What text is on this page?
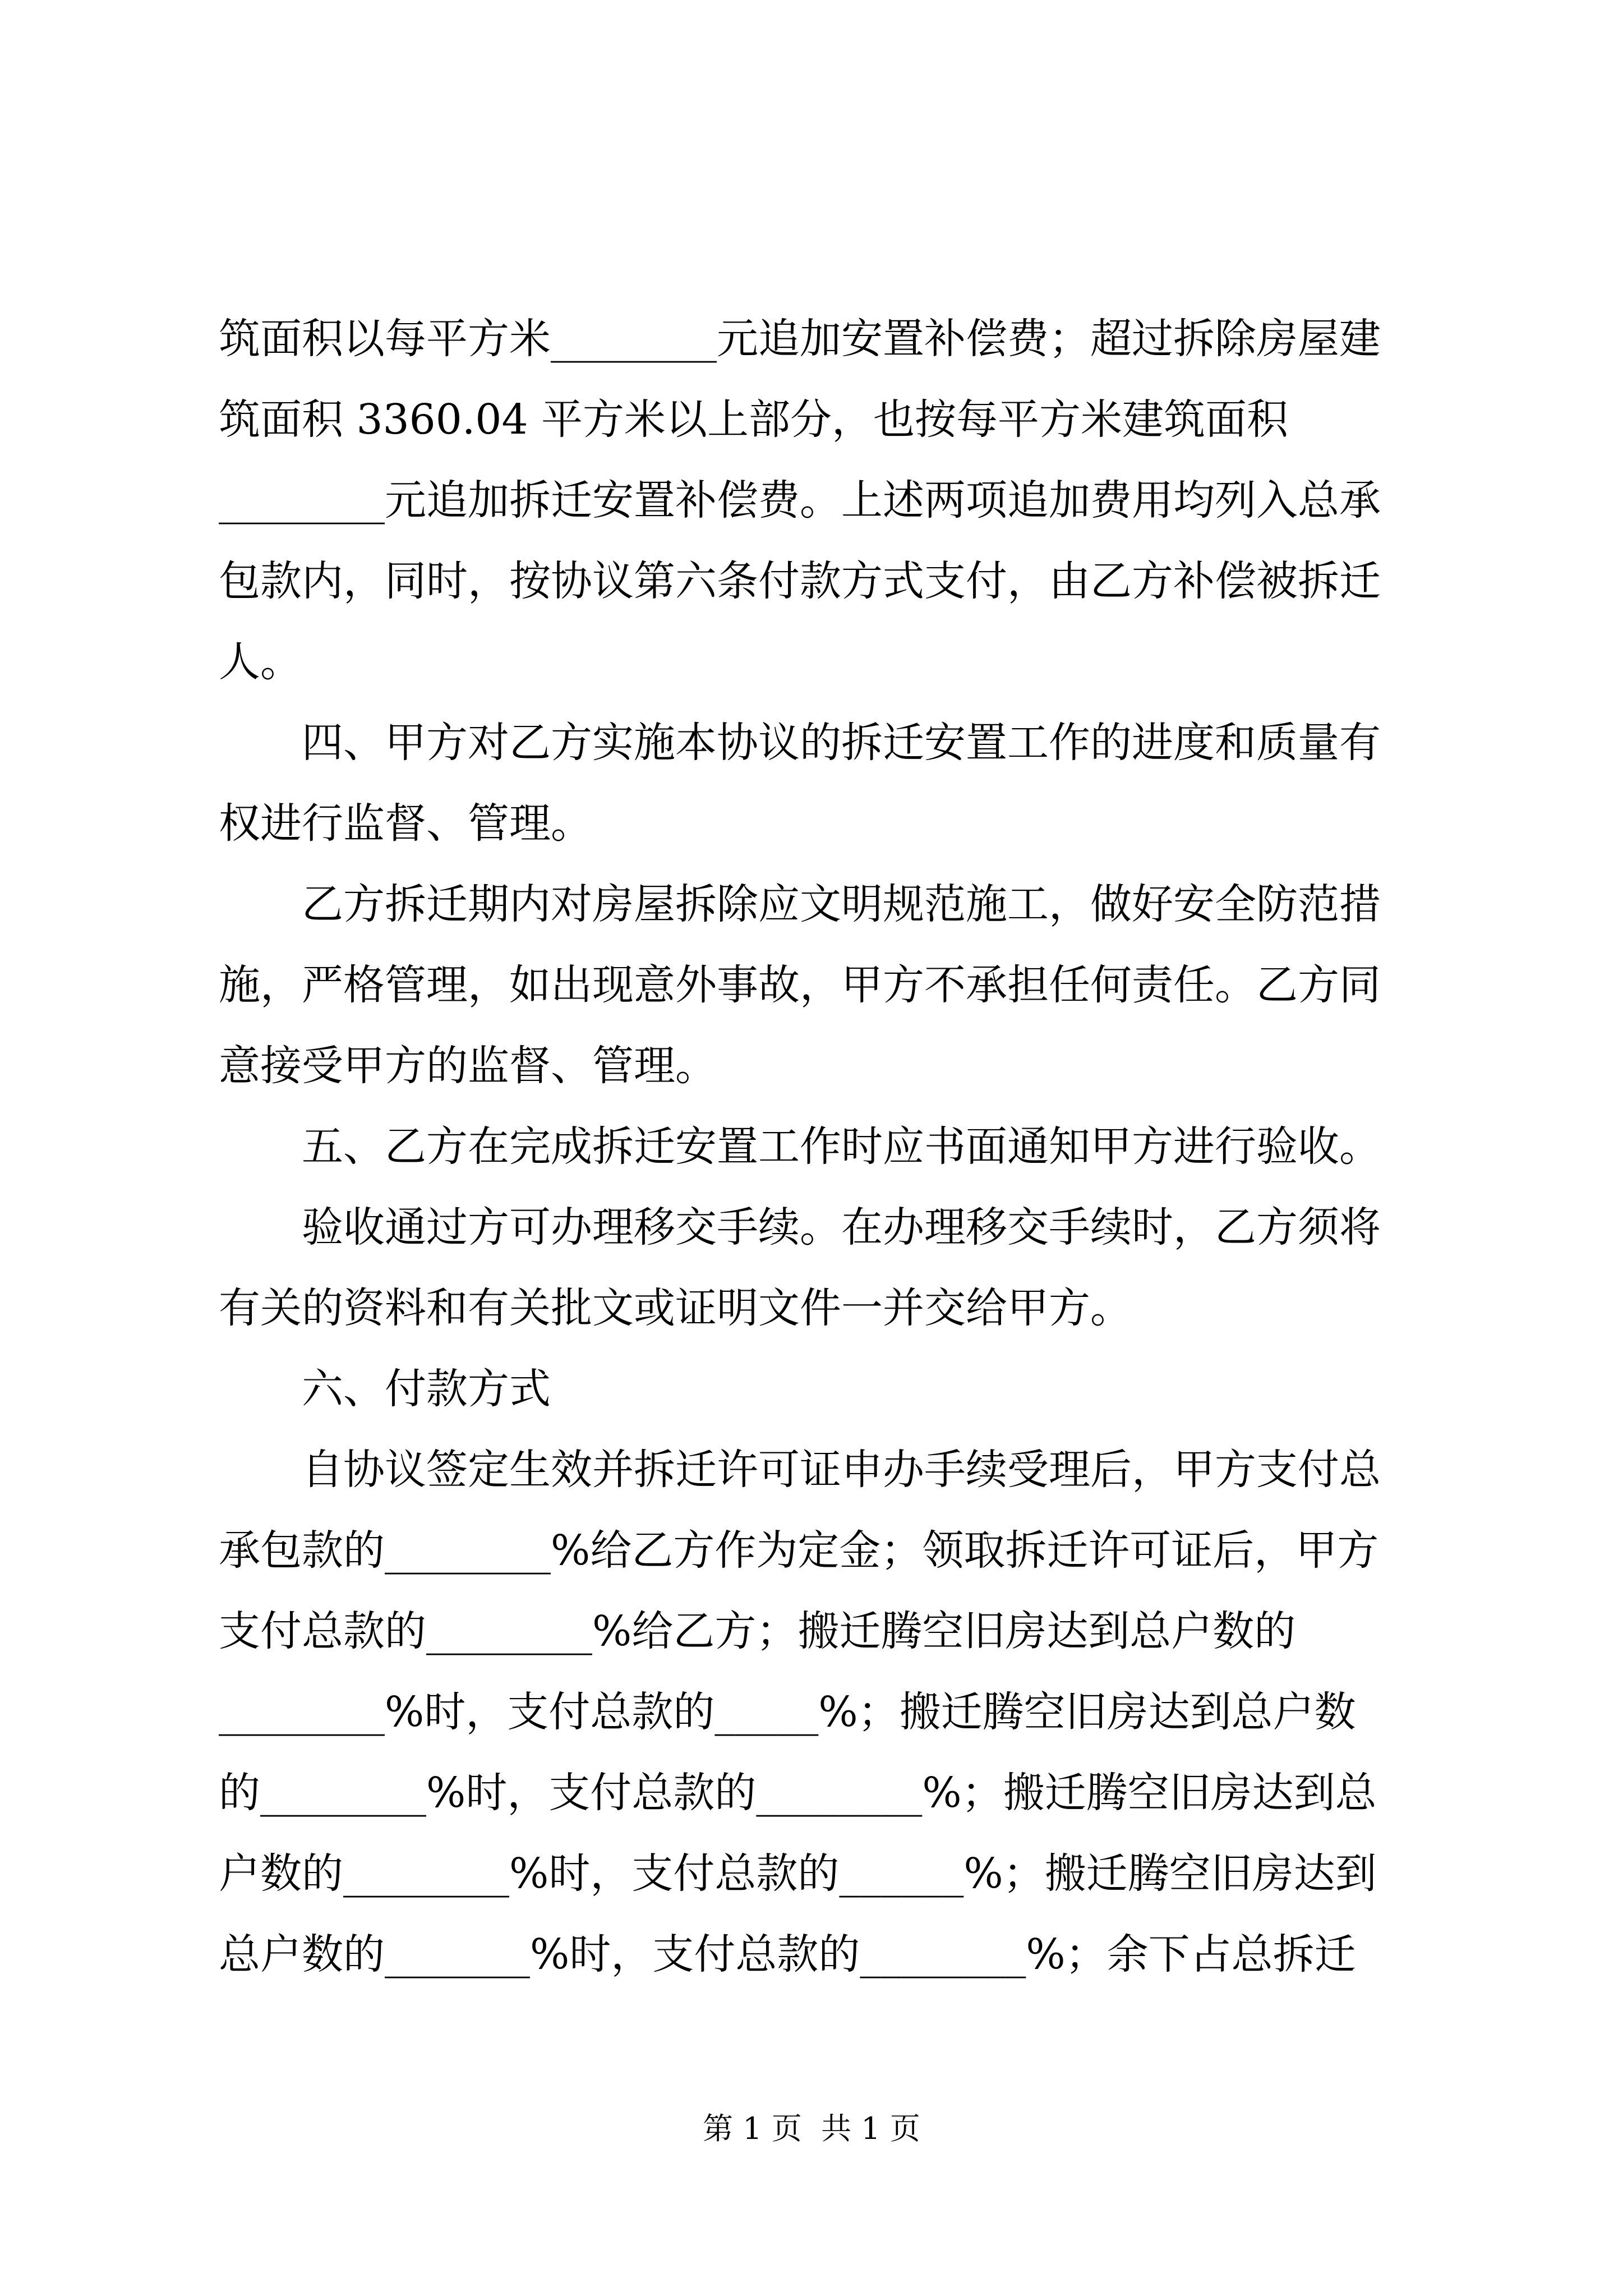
筑面积以每平方米________元追加安置补偿费；超过拆除房屋建
筑面积 3360.04 平方米以上部分，也按每平方米建筑面积
________元追加拆迁安置补偿费。上述两项追加费用均列入总承
包款内，同时，按协议第六条付款方式支付，由乙方补偿被拆迁
人。
四、甲方对乙方实施本协议的拆迁安置工作的进度和质量有
权进行监督、管理。
乙方拆迁期内对房屋拆除应文明规范施工，做好安全防范措
施，严格管理，如出现意外事故，甲方不承担任何责任。乙方同
意接受甲方的监督、管理。
五、乙方在完成拆迁安置工作时应书面通知甲方进行验收。
验收通过方可办理移交手续。在办理移交手续时，乙方须将
有关的资料和有关批文或证明文件一并交给甲方。
六、付款方式
自协议签定生效并拆迁许可证申办手续受理后，甲方支付总
承包款的________%给乙方作为定金；领取拆迁许可证后，甲方
支付总款的________%给乙方；搬迁腾空旧房达到总户数的
________%时，支付总款的_____%；搬迁腾空旧房达到总户数
的________%时，支付总款的________%；搬迁腾空旧房达到总
户数的________%时，支付总款的______%；搬迁腾空旧房达到
总户数的_______%时，支付总款的________%；余下占总拆迁
第 1 页  共 1 页
